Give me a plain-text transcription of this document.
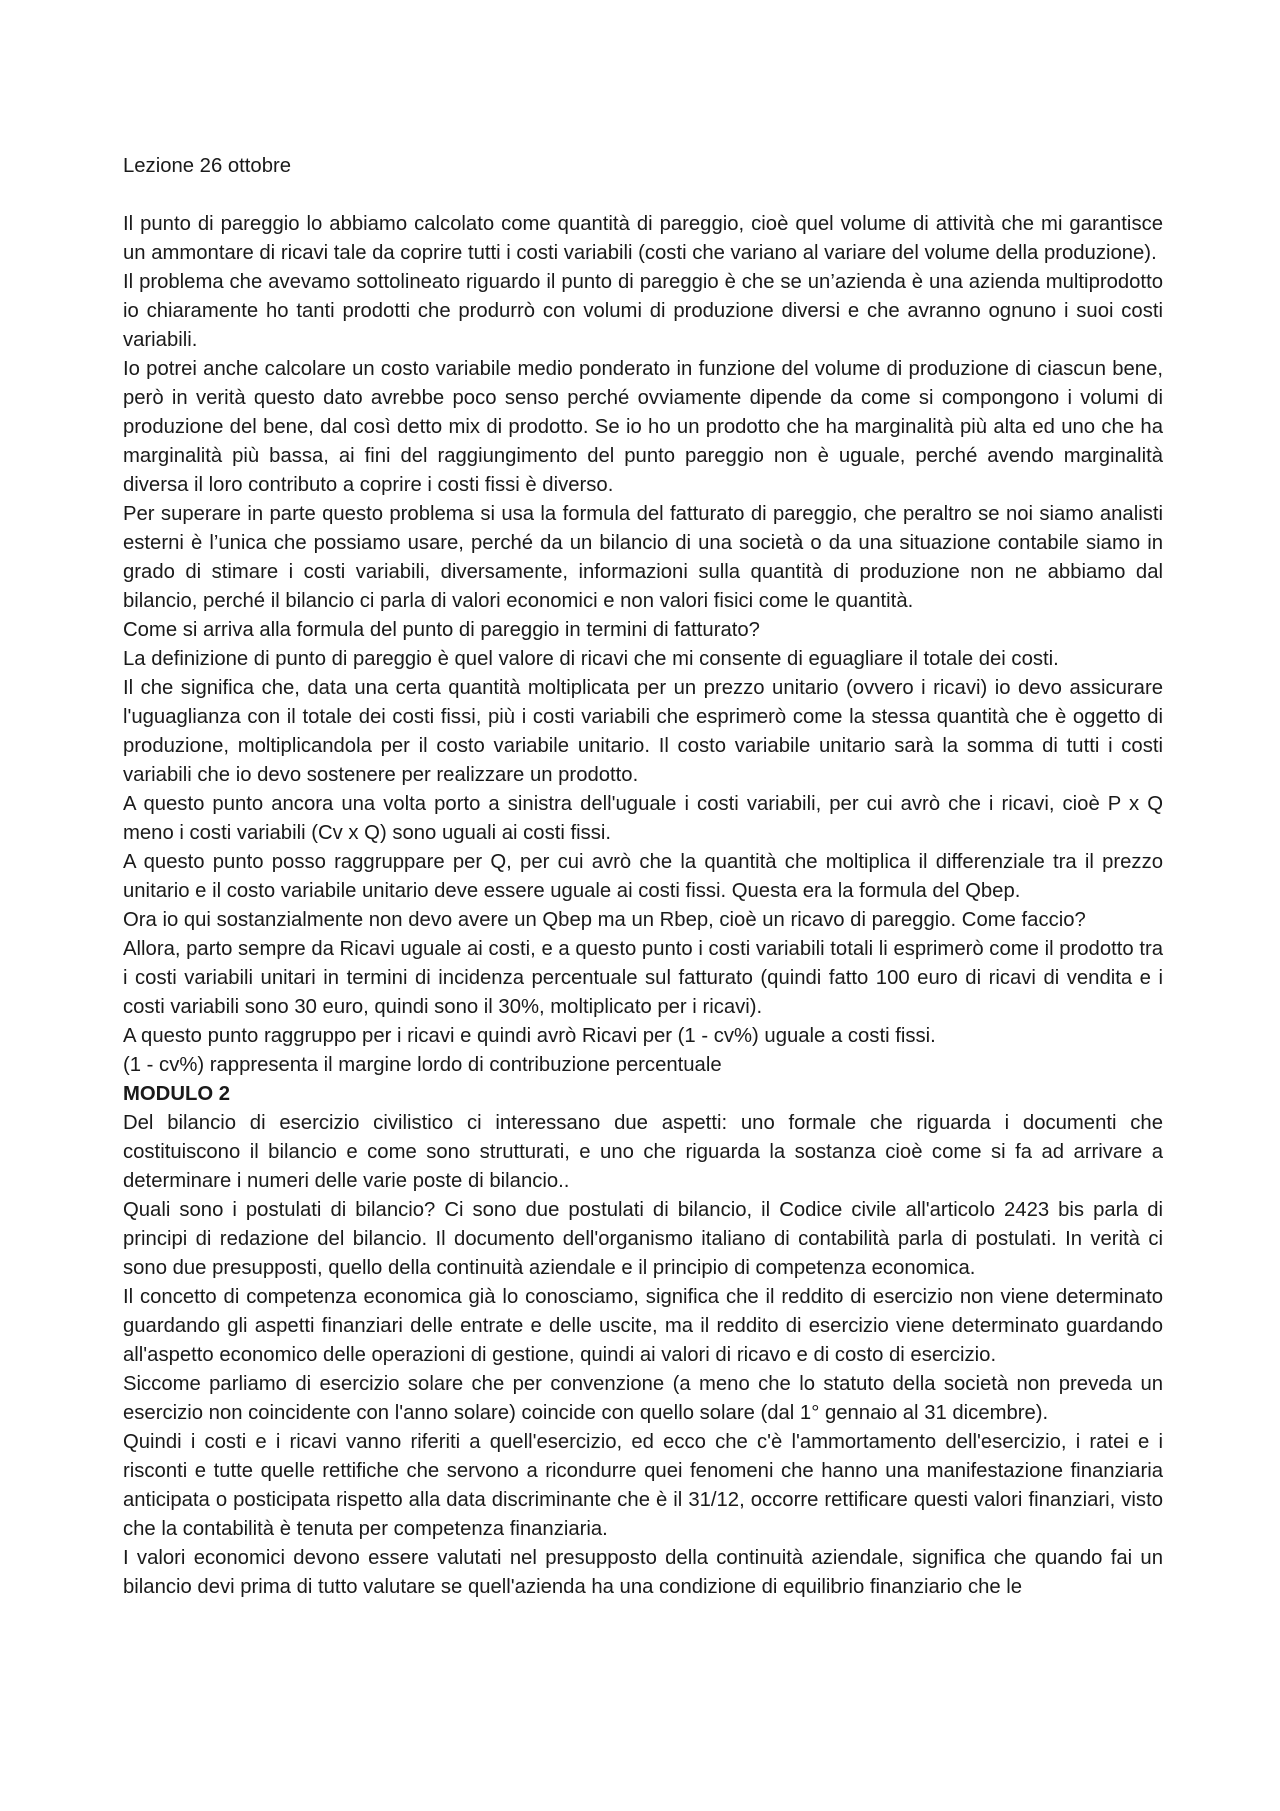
Lezione 26 ottobre

Il punto di pareggio lo abbiamo calcolato come quantità di pareggio, cioè quel volume di attività che mi garantisce un ammontare di ricavi tale da coprire tutti i costi variabili (costi che variano al variare del volume della produzione).

Il problema che avevamo sottolineato riguardo il punto di pareggio è che se un’azienda è una azienda multiprodotto io chiaramente ho tanti prodotti che produrrò con volumi di produzione diversi e che avranno ognuno i suoi costi variabili.

Io potrei anche calcolare un costo variabile medio ponderato in funzione del volume di produzione di ciascun bene, però in verità questo dato avrebbe poco senso perché ovviamente dipende da come si compongono i volumi di produzione del bene, dal così detto mix di prodotto. Se io ho un prodotto che ha marginalità più alta ed uno che ha marginalità più bassa, ai fini del raggiungimento del punto pareggio non è uguale, perché avendo marginalità diversa il loro contributo a coprire i costi fissi è diverso.

Per superare in parte questo problema si usa la formula del fatturato di pareggio, che peraltro se noi siamo analisti esterni è l’unica che possiamo usare, perché da un bilancio di una società o da una situazione contabile siamo in grado di stimare i costi variabili, diversamente, informazioni sulla quantità di produzione non ne abbiamo dal bilancio, perché il bilancio ci parla di valori economici e non valori fisici come le quantità.

Come si arriva alla formula del punto di pareggio in termini di fatturato?

La definizione di punto di pareggio è quel valore di ricavi che mi consente di eguagliare il totale dei costi.

Il che significa che, data una certa quantità moltiplicata per un prezzo unitario (ovvero i ricavi) io devo assicurare l'uguaglianza con il totale dei costi fissi, più i costi variabili che esprimerò come la stessa quantità che è oggetto di produzione, moltiplicandola per il costo variabile unitario. Il costo variabile unitario sarà la somma di tutti i costi variabili che io devo sostenere per realizzare un prodotto.

A questo punto ancora una volta porto a sinistra dell'uguale i costi variabili, per cui avrò che i ricavi, cioè P x Q meno i costi variabili (Cv x Q) sono uguali ai costi fissi.

A questo punto posso raggruppare per Q, per cui avrò che la quantità che moltiplica il differenziale tra il prezzo unitario e il costo variabile unitario deve essere uguale ai costi fissi. Questa era la formula del Qbep.

Ora io qui sostanzialmente non devo avere un Qbep ma un Rbep, cioè un ricavo di pareggio. Come faccio?

Allora, parto sempre da Ricavi uguale ai costi, e a questo punto i costi variabili totali li esprimerò come il prodotto tra i costi variabili unitari in termini di incidenza percentuale sul fatturato (quindi fatto 100 euro di ricavi di vendita e i costi variabili sono 30 euro, quindi sono il 30%, moltiplicato per i ricavi).

A questo punto raggruppo per i ricavi e quindi avrò Ricavi per (1 - cv%) uguale a costi fissi.

(1 - cv%) rappresenta il margine lordo di contribuzione percentuale

MODULO 2

Del bilancio di esercizio civilistico ci interessano due aspetti: uno formale che riguarda i documenti che costituiscono il bilancio e come sono strutturati, e uno che riguarda la sostanza cioè come si fa ad arrivare a determinare i numeri delle varie poste di bilancio..

Quali sono i postulati di bilancio? Ci sono due postulati di bilancio, il Codice civile all'articolo 2423 bis parla di principi di redazione del bilancio. Il documento dell'organismo italiano di contabilità parla di postulati. In verità ci sono due presupposti, quello della continuità aziendale e il principio di competenza economica.

Il concetto di competenza economica già lo conosciamo, significa che il reddito di esercizio non viene determinato guardando gli aspetti finanziari delle entrate e delle uscite, ma il reddito di esercizio viene determinato guardando all'aspetto economico delle operazioni di gestione, quindi ai valori di ricavo e di costo di esercizio.

Siccome parliamo di esercizio solare che per convenzione (a meno che lo statuto della società non preveda un esercizio non coincidente con l'anno solare) coincide con quello solare (dal 1° gennaio al 31 dicembre).

Quindi i costi e i ricavi vanno riferiti a quell'esercizio, ed ecco che c'è l'ammortamento dell'esercizio, i ratei e i risconti e tutte quelle rettifiche che servono a ricondurre quei fenomeni che hanno una manifestazione finanziaria anticipata o posticipata rispetto alla data discriminante che è il 31/12, occorre rettificare questi valori finanziari, visto che la contabilità è tenuta per competenza finanziaria.

I valori economici devono essere valutati nel presupposto della continuità aziendale, significa che quando fai un bilancio devi prima di tutto valutare se quell'azienda ha una condizione di equilibrio finanziario che le
